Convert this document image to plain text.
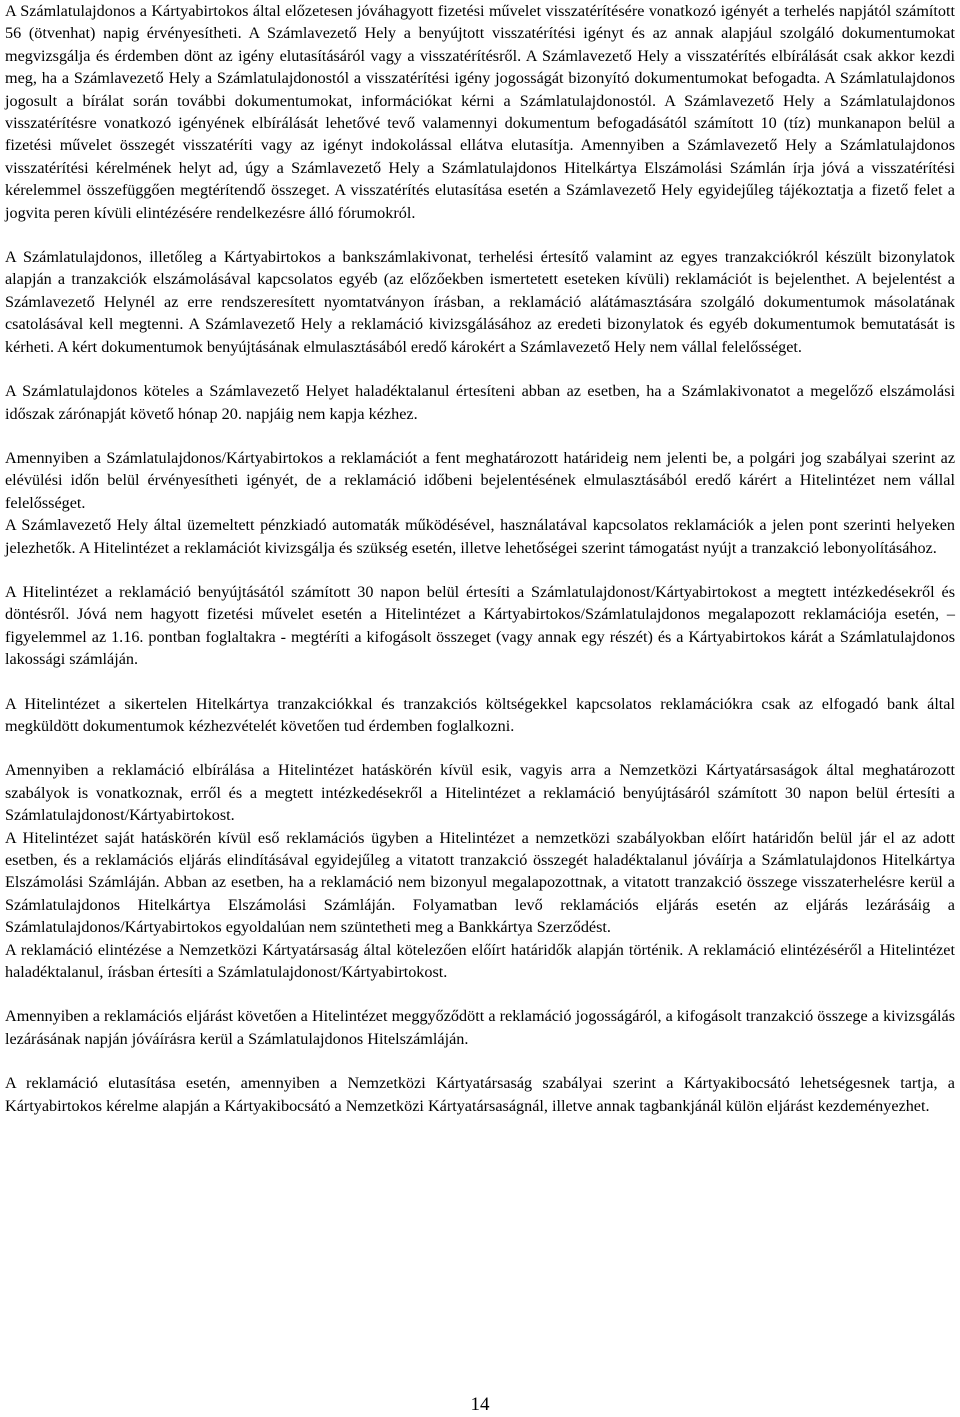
A Számlatulajdonos a Kártyabirtokos által előzetesen jóváhagyott fizetési művelet visszatérítésére vonatkozó igényét a terhelés napjától számított 56 (ötvenhat) napig érvényesítheti. A Számlavezető Hely a benyújtott visszatérítési igényt és az annak alapjául szolgáló dokumentumokat megvizsgálja és érdemben dönt az igény elutasításáról vagy a visszatérítésről. A Számlavezető Hely a visszatérítés elbírálását csak akkor kezdi meg, ha a Számlavezető Hely a Számlatulajdonostól a visszatérítési igény jogosságát bizonyító dokumentumokat befogadta. A Számlatulajdonos jogosult a bírálat során további dokumentumokat, információkat kérni a Számlatulajdonostól. A Számlavezető Hely a Számlatulajdonos visszatérítésre vonatkozó igényének elbírálását lehetővé tevő valamennyi dokumentum befogadásától számított 10 (tíz) munkanapon belül a fizetési művelet összegét visszatéríti vagy az igényt indokolással ellátva elutasítja. Amennyiben a Számlavezető Hely a Számlatulajdonos visszatérítési kérelmének helyt ad, úgy a Számlavezető Hely a Számlatulajdonos Hitelkártya Elszámolási Számlán írja jóvá a visszatérítési kérelemmel összefüggően megtérítendő összeget. A visszatérítés elutasítása esetén a Számlavezető Hely egyidejűleg tájékoztatja a fizető felet a jogvita peren kívüli elintézésére rendelkezésre álló fórumokról.

A Számlatulajdonos, illetőleg a Kártyabirtokos a bankszámlakivonat, terhelési értesítő valamint az egyes tranzakciókról készült bizonylatok alapján a tranzakciók elszámolásával kapcsolatos egyéb (az előzőekben ismertetett eseteken kívüli) reklamációt is bejelenthet. A bejelentést a Számlavezető Helynél az erre rendszeresített nyomtatványon írásban, a reklamáció alátámasztására szolgáló dokumentumok másolatának csatolásával kell megtenni. A Számlavezető Hely a reklamáció kivizsgálásához az eredeti bizonylatok és egyéb dokumentumok bemutatását is kérheti. A kért dokumentumok benyújtásának elmulasztásából eredő károkért a Számlavezető Hely nem vállal felelősséget.

A Számlatulajdonos köteles a Számlavezető Helyet haladéktalanul értesíteni abban az esetben, ha a Számlakivonatot a megelőző elszámolási időszak zárónapját követő hónap 20. napjáig nem kapja kézhez.

Amennyiben a Számlatulajdonos/Kártyabirtokos a reklamációt a fent meghatározott határideig nem jelenti be, a polgári jog szabályai szerint az elévülési időn belül érvényesítheti igényét, de a reklamáció időbeni bejelentésének elmulasztásából eredő kárért a Hitelintézet nem vállal felelősséget.

A Számlavezető Hely által üzemeltett pénzkiadó automaták működésével, használatával kapcsolatos reklamációk a jelen pont szerinti helyeken jelezhetők. A Hitelintézet a reklamációt kivizsgálja és szükség esetén, illetve lehetőségei szerint támogatást nyújt a tranzakció lebonyolításához.

A Hitelintézet a reklamáció benyújtásától számított 30 napon belül értesíti a Számlatulajdonost/Kártyabirtokost a megtett intézkedésekről és döntésről. Jóvá nem hagyott fizetési művelet esetén a Hitelintézet a Kártyabirtokos/Számlatulajdonos megalapozott reklamációja esetén, – figyelemmel az 1.16. pontban foglaltakra - megtéríti a kifogásolt összeget (vagy annak egy részét) és a Kártyabirtokos kárát a Számlatulajdonos lakossági számláján.

A Hitelintézet a sikertelen Hitelkártya tranzakciókkal és tranzakciós költségekkel kapcsolatos reklamációkra csak az elfogadó bank által megküldött dokumentumok kézhezvételét követően tud érdemben foglalkozni.

Amennyiben a reklamáció elbírálása a Hitelintézet hatáskörén kívül esik, vagyis arra a Nemzetközi Kártyatársaságok által meghatározott szabályok is vonatkoznak, erről és a megtett intézkedésekről a Hitelintézet a reklamáció benyújtásáról számított 30 napon belül értesíti a Számlatulajdonost/Kártyabirtokost.

A Hitelintézet saját hatáskörén kívül eső reklamációs ügyben a Hitelintézet a nemzetközi szabályokban előírt határidőn belül jár el az adott esetben, és a reklamációs eljárás elindításával egyidejűleg a vitatott tranzakció összegét haladéktalanul jóváírja a Számlatulajdonos Hitelkártya Elszámolási Számláján. Abban az esetben, ha a reklamáció nem bizonyul megalapozottnak, a vitatott tranzakció összege visszaterhelésre kerül a Számlatulajdonos Hitelkártya Elszámolási Számláján. Folyamatban levő reklamációs eljárás esetén az eljárás lezárásáig a Számlatulajdonos/Kártyabirtokos egyoldalúan nem szüntetheti meg a Bankkártya Szerződést.

A reklamáció elintézése a Nemzetközi Kártyatársaság által kötelezően előírt határidők alapján történik. A reklamáció elintézéséről a Hitelintézet haladéktalanul, írásban értesíti a Számlatulajdonost/Kártyabirtokost.

Amennyiben a reklamációs eljárást követően a Hitelintézet meggyőződött a reklamáció jogosságáról, a kifogásolt tranzakció összege a kivizsgálás lezárásának napján jóváírásra kerül a Számlatulajdonos Hitelszámláján.

A reklamáció elutasítása esetén, amennyiben a Nemzetközi Kártyatársaság szabályai szerint a Kártyakibocsátó lehetségesnek tartja, a Kártyabirtokos kérelme alapján a Kártyakibocsátó a Nemzetközi Kártyatársaságnál, illetve annak tagbankjánál külön eljárást kezdeményezhet.

14
